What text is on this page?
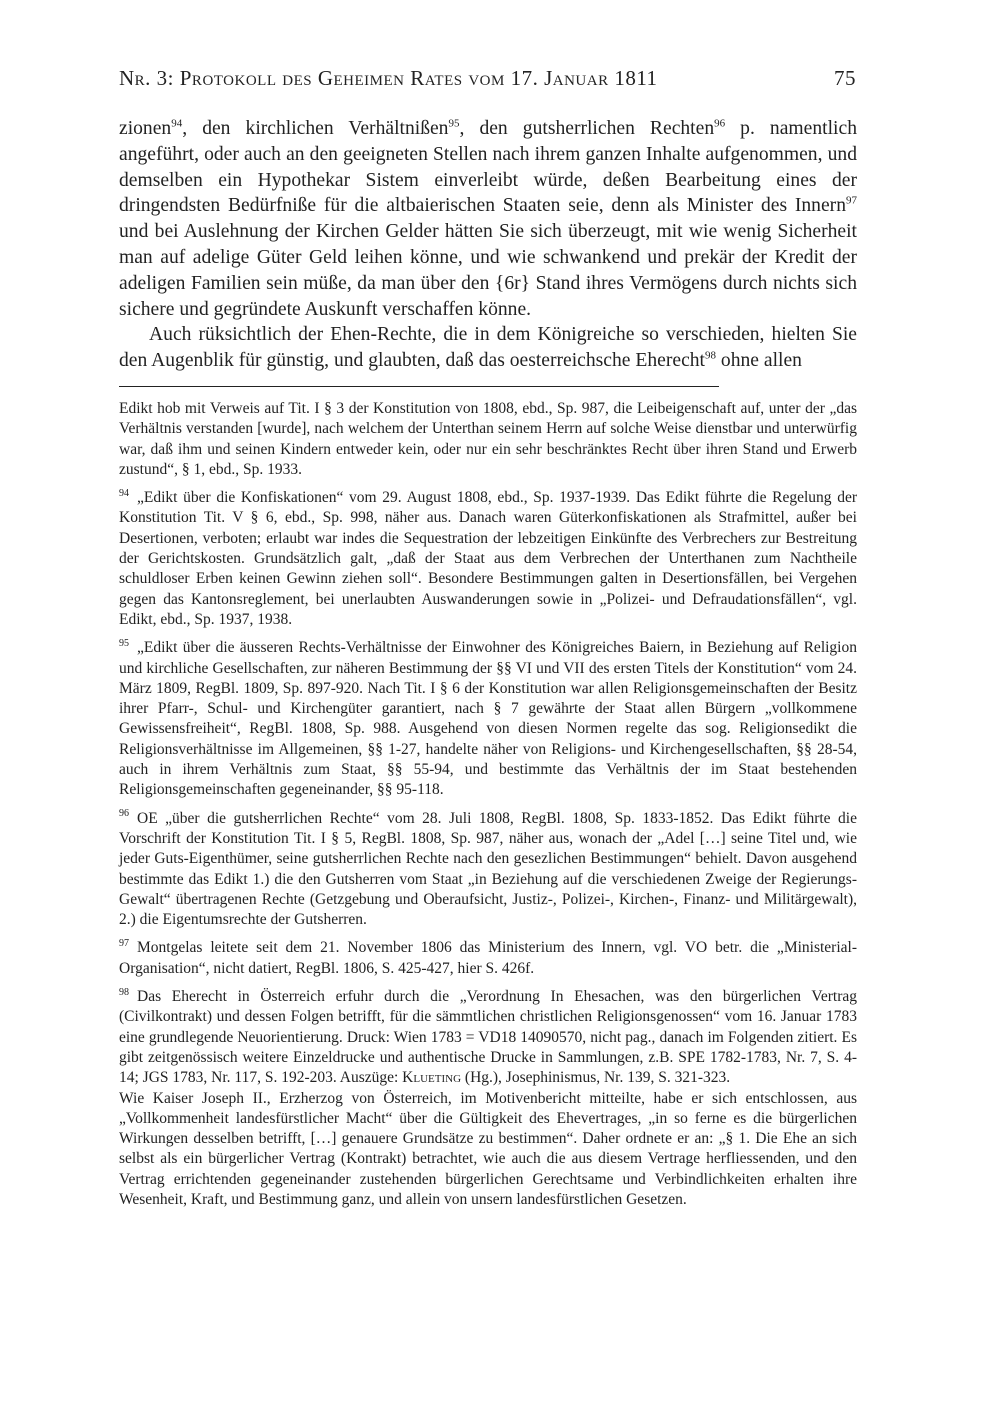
Nr. 3: Protokoll des Geheimen Rates vom 17. Januar 1811	75

zionen$^{94}$, den kirchlichen Verhältnißen$^{95}$, den gutsherrlichen Rechten$^{96}$ p. namentlich angeführt, oder auch an den geeigneten Stellen nach ihrem ganzen Inhalte aufgenommen, und demselben ein Hypothekar Sistem einverleibt würde, deßen Bearbeitung eines der dringendsten Bedürfniße für die altbaierischen Staaten seie, denn als Minister des Innern$^{97}$ und bei Auslehnung der Kirchen Gelder hätten Sie sich überzeugt, mit wie wenig Sicherheit man auf adelige Güter Geld leihen könne, und wie schwankend und prekär der Kredit der adeligen Familien sein müße, da man über den {6r} Stand ihres Vermögens durch nichts sich sichere und gegründete Auskunft verschaffen könne.

Auch rüksichtlich der Ehen-Rechte, die in dem Königreiche so verschieden, hielten Sie den Augenblik für günstig, und glaubten, daß das oesterreichsche Eherecht$^{98}$ ohne allen

Edikt hob mit Verweis auf Tit. I § 3 der Konstitution von 1808, ebd., Sp. 987, die Leibeigenschaft auf, unter der „das Verhältnis verstanden [wurde], nach welchem der Unterthan seinem Herrn auf solche Weise dienstbar und unterwürfig war, daß ihm und seinen Kindern entweder kein, oder nur ein sehr beschränktes Recht über ihren Stand und Erwerb zustund“, § 1, ebd., Sp. 1933.

$^{94}$ „Edikt über die Konfiskationen“ vom 29. August 1808, ebd., Sp. 1937-1939. Das Edikt führte die Regelung der Konstitution Tit. V § 6, ebd., Sp. 998, näher aus. Danach waren Güterkonfiskationen als Strafmittel, außer bei Desertionen, verboten; erlaubt war indes die Sequestration der lebzeitigen Einkünfte des Verbrechers zur Bestreitung der Gerichtskosten. Grundsätzlich galt, „daß der Staat aus dem Verbrechen der Unterthanen zum Nachtheile schuldloser Erben keinen Gewinn ziehen soll“. Besondere Bestimmungen galten in Desertionsfällen, bei Vergehen gegen das Kantonsreglement, bei unerlaubten Auswanderungen sowie in „Polizei- und Defraudationsfällen“, vgl. Edikt, ebd., Sp. 1937, 1938.

$^{95}$ „Edikt über die äusseren Rechts-Verhältnisse der Einwohner des Königreiches Baiern, in Beziehung auf Religion und kirchliche Gesellschaften, zur näheren Bestimmung der §§ VI und VII des ersten Titels der Konstitution“ vom 24. März 1809, RegBl. 1809, Sp. 897-920. Nach Tit. I § 6 der Konstitution war allen Religionsgemeinschaften der Besitz ihrer Pfarr-, Schul- und Kirchengüter garantiert, nach § 7 gewährte der Staat allen Bürgern „vollkommene Gewissensfreiheit“, RegBl. 1808, Sp. 988. Ausgehend von diesen Normen regelte das sog. Religionsedikt die Religionsverhältnisse im Allgemeinen, §§ 1-27, handelte näher von Religions- und Kirchengesellschaften, §§ 28-54, auch in ihrem Verhältnis zum Staat, §§ 55-94, und bestimmte das Verhältnis der im Staat bestehenden Religionsgemeinschaften gegeneinander, §§ 95-118.

$^{96}$ OE „über die gutsherrlichen Rechte“ vom 28. Juli 1808, RegBl. 1808, Sp. 1833-1852. Das Edikt führte die Vorschrift der Konstitution Tit. I § 5, RegBl. 1808, Sp. 987, näher aus, wonach der „Adel […] seine Titel und, wie jeder Guts-Eigenthümer, seine gutsherrlichen Rechte nach den gesezlichen Bestimmungen“ behielt. Davon ausgehend bestimmte das Edikt 1.) die den Gutsherren vom Staat „in Beziehung auf die verschiedenen Zweige der Regierungs-Gewalt“ übertragenen Rechte (Getzgebung und Oberaufsicht, Justiz-, Polizei-, Kirchen-, Finanz- und Militärgewalt), 2.) die Eigentumsrechte der Gutsherren.

$^{97}$ Montgelas leitete seit dem 21. November 1806 das Ministerium des Innern, vgl. VO betr. die „Ministerial-Organisation“, nicht datiert, RegBl. 1806, S. 425-427, hier S. 426f.

$^{98}$ Das Eherecht in Österreich erfuhr durch die „Verordnung In Ehesachen, was den bürgerlichen Vertrag (Civilkontrakt) und dessen Folgen betrifft, für die sämmtlichen christlichen Religionsgenossen“ vom 16. Januar 1783 eine grundlegende Neuorientierung. Druck: Wien 1783 = VD18 14090570, nicht pag., danach im Folgenden zitiert. Es gibt zeitgenössisch weitere Einzeldrucke und authentische Drucke in Sammlungen, z.B. SPE 1782-1783, Nr. 7, S. 4-14; JGS 1783, Nr. 117, S. 192-203. Auszüge: Klueting (Hg.), Josephinismus, Nr. 139, S. 321-323.

Wie Kaiser Joseph II., Erzherzog von Österreich, im Motivenbericht mitteilte, habe er sich entschlossen, aus „Vollkommenheit landesfürstlicher Macht“ über die Gültigkeit des Ehevertrages, „in so ferne es die bürgerlichen Wirkungen desselben betrifft, […] genauere Grundsätze zu bestimmen“. Daher ordnete er an: „§ 1. Die Ehe an sich selbst als ein bürgerlicher Vertrag (Kontrakt) betrachtet, wie auch die aus diesem Vertrage herfliessenden, und den Vertrag errichtenden gegeneinander zustehenden bürgerlichen Gerechtsame und Verbindlichkeiten erhalten ihre Wesenheit, Kraft, und Bestimmung ganz, und allein von unsern landesfürstlichen Gesetzen.
